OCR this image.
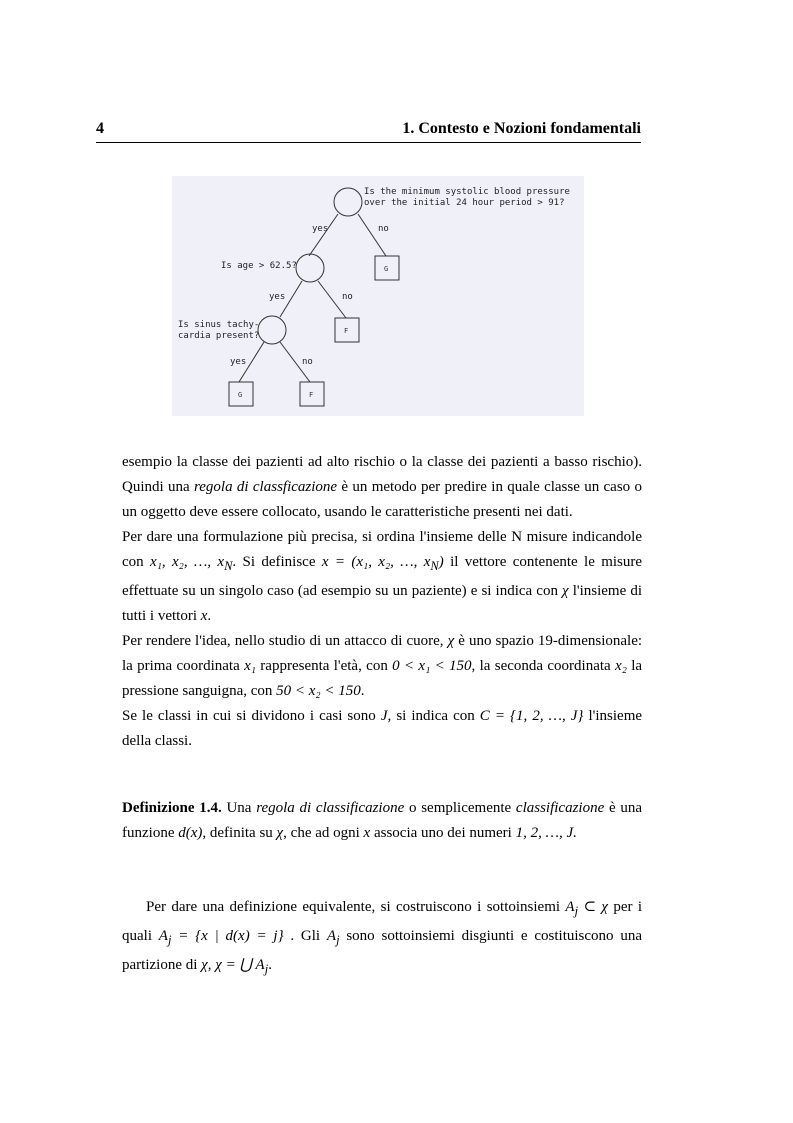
4	1. Contesto e Nozioni fondamentali
Is the minimum systolic blood pressure
over the initial 24 hour period > 91?
yes	no
Is age > 62.5?
yes	no
Is sinus tachy-
cardia present?
yes	no
G
F
G	F

esempio la classe dei pazienti ad alto rischio o la classe dei pazienti a basso rischio). Quindi una regola di classficazione è un metodo per predire in quale classe un caso o un oggetto deve essere collocato, usando le caratteristiche presenti nei dati.

Per dare una formulazione più precisa, si ordina l'insieme delle N misure indicandole con x₁, x₂, …, $x_N$. Si definisce x = (x₁, x₂, …, $x_N$) il vettore contenente le misure effettuate su un singolo caso (ad esempio su un paziente) e si indica con χ l'insieme di tutti i vettori x.

Per rendere l'idea, nello studio di un attacco di cuore, χ è uno spazio 19-dimensionale: la prima coordinata x₁ rappresenta l'età, con 0 < x₁ < 150, la seconda coordinata x₂ la pressione sanguigna, con 50 < x₂ < 150.

Se le classi in cui si dividono i casi sono J, si indica con C = {1, 2, …, J} l'insieme della classi.

Definizione 1.4. Una regola di classificazione o semplicemente classificazione è una funzione d(x), definita su χ, che ad ogni x associa uno dei numeri 1, 2, …, J.

Per dare una definizione equivalente, si costruiscono i sottoinsiemi $A_j$ ⊂ χ per i quali $A_j = \{x$ | d(x) = j} . Gli $A_j$ sono sottoinsiemi disgiunti e costituiscono una partizione di χ, χ = ⋃ $A_j$.
